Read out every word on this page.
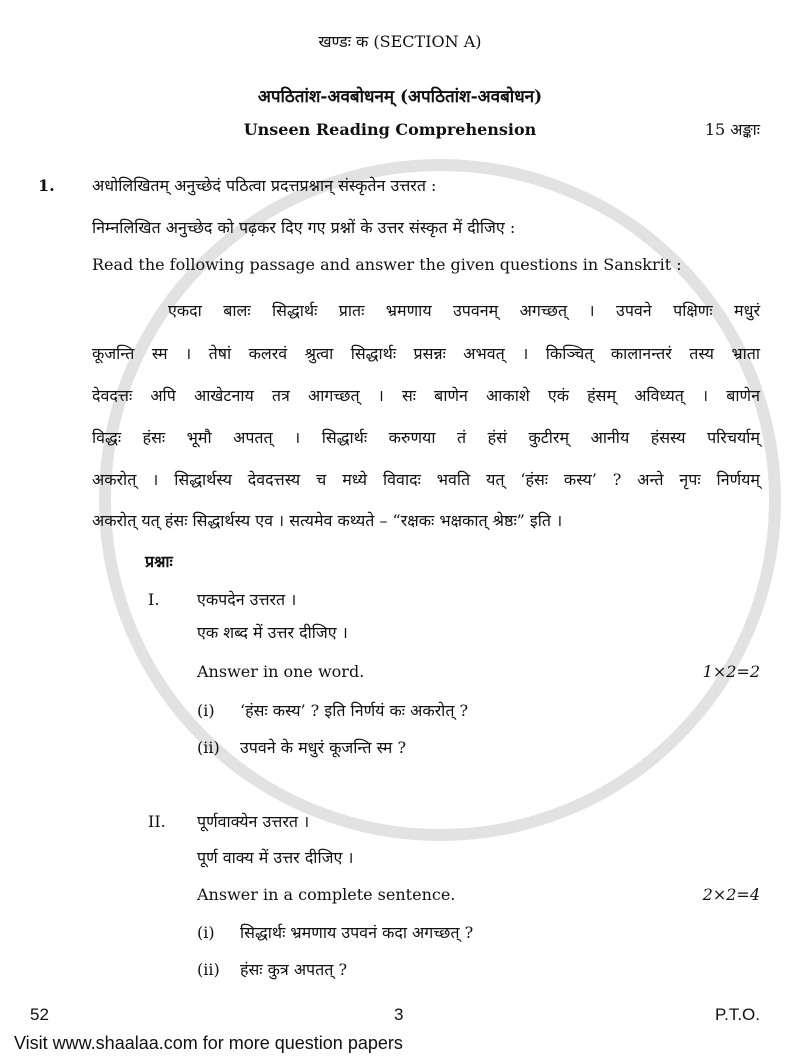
खण्डः क (SECTION A)
अपठितांश-अवबोधनम् (अपठितांश-अवबोधन)
Unseen Reading Comprehension	15 अङ्काः
1. अधोलिखितम् अनुच्छेदं पठित्वा प्रदत्तप्रश्नान् संस्कृतेन उत्तरत :
निम्नलिखित अनुच्छेद को पढ़कर दिए गए प्रश्नों के उत्तर संस्कृत में दीजिए :
Read the following passage and answer the given questions in Sanskrit :
एकदा बालः सिद्धार्थः प्रातः भ्रमणाय उपवनम् अगच्छत् । उपवने पक्षिणः मधुरं
कूजन्ति स्म । तेषां कलरवं श्रुत्वा सिद्धार्थः प्रसन्नः अभवत् । किञ्चित् कालानन्तरं तस्य भ्राता
देवदत्तः अपि आखेटनाय तत्र आगच्छत् । सः बाणेन आकाशे एकं हंसम् अविध्यत् । बाणेन
विद्धः हंसः भूमौ अपतत् । सिद्धार्थः करुणया तं हंसं कुटीरम् आनीय हंसस्य परिचर्याम्
अकरोत् । सिद्धार्थस्य देवदत्तस्य च मध्ये विवादः भवति यत् ‘हंसः कस्य’ ? अन्ते नृपः निर्णयम्
अकरोत् यत् हंसः सिद्धार्थस्य एव । सत्यमेव कथ्यते – “रक्षकः भक्षकात् श्रेष्ठः” इति ।
प्रश्नाः
I. एकपदेन उत्तरत ।
एक शब्द में उत्तर दीजिए ।
Answer in one word.	1×2=2
(i) ‘हंसः कस्य’ ? इति निर्णयं कः अकरोत् ?
(ii) उपवने के मधुरं कूजन्ति स्म ?
II. पूर्णवाक्येन उत्तरत ।
पूर्ण वाक्य में उत्तर दीजिए ।
Answer in a complete sentence.	2×2=4
(i) सिद्धार्थः भ्रमणाय उपवनं कदा अगच्छत् ?
(ii) हंसः कुत्र अपतत् ?
52	3	P.T.O.
Visit www.shaalaa.com for more question papers
